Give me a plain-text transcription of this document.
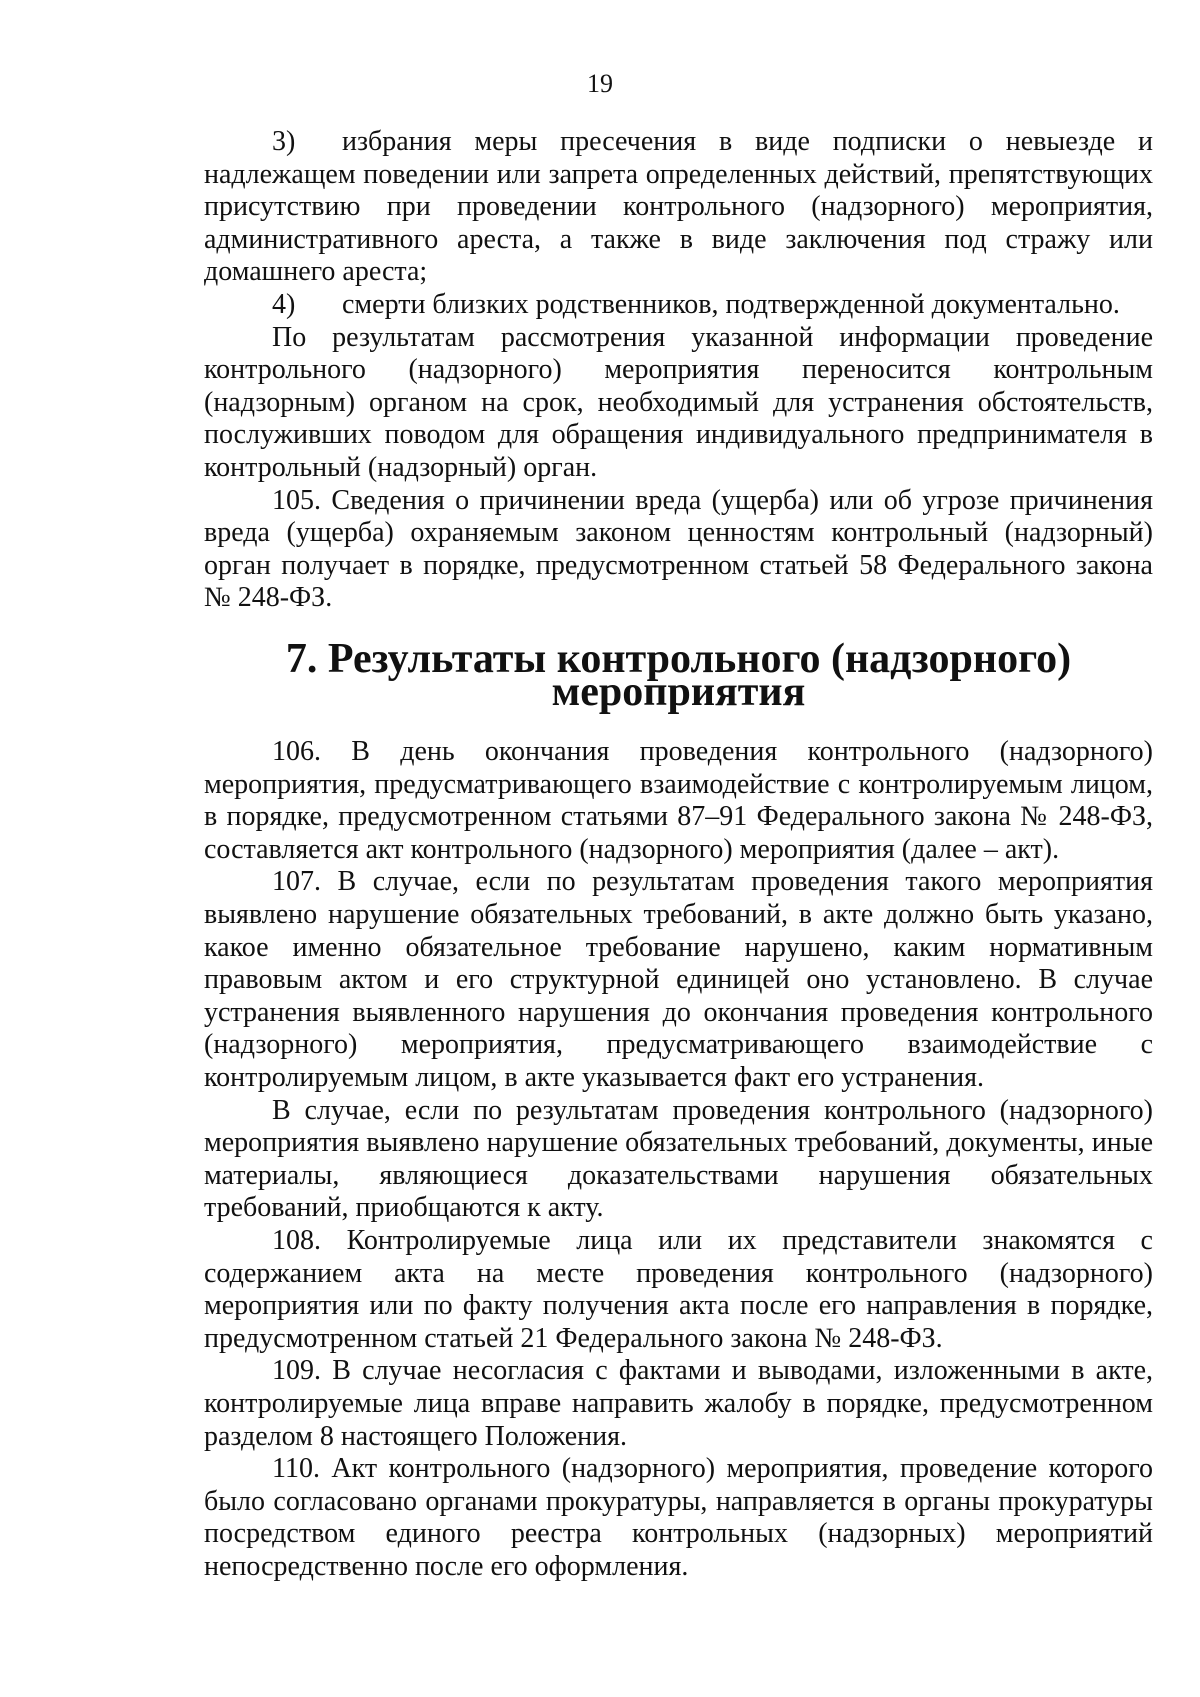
19

3) избрания меры пресечения в виде подписки о невыезде и надлежащем поведении или запрета определенных действий, препятствующих присутствию при проведении контрольного (надзорного) мероприятия, административного ареста, а также в виде заключения под стражу или домашнего ареста;

4) смерти близких родственников, подтвержденной документально.

По результатам рассмотрения указанной информации проведение контрольного (надзорного) мероприятия переносится контрольным (надзорным) органом на срок, необходимый для устранения обстоятельств, послуживших поводом для обращения индивидуального предпринимателя в контрольный (надзорный) орган.

105. Сведения о причинении вреда (ущерба) или об угрозе причинения вреда (ущерба) охраняемым законом ценностям контрольный (надзорный) орган получает в порядке, предусмотренном статьей 58 Федерального закона № 248-ФЗ.

7. Результаты контрольного (надзорного) мероприятия

106. В день окончания проведения контрольного (надзорного) мероприятия, предусматривающего взаимодействие с контролируемым лицом, в порядке, предусмотренном статьями 87–91 Федерального закона № 248-ФЗ, составляется акт контрольного (надзорного) мероприятия (далее – акт).

107. В случае, если по результатам проведения такого мероприятия выявлено нарушение обязательных требований, в акте должно быть указано, какое именно обязательное требование нарушено, каким нормативным правовым актом и его структурной единицей оно установлено. В случае устранения выявленного нарушения до окончания проведения контрольного (надзорного) мероприятия, предусматривающего взаимодействие с контролируемым лицом, в акте указывается факт его устранения.

В случае, если по результатам проведения контрольного (надзорного) мероприятия выявлено нарушение обязательных требований, документы, иные материалы, являющиеся доказательствами нарушения обязательных требований, приобщаются к акту.

108. Контролируемые лица или их представители знакомятся с содержанием акта на месте проведения контрольного (надзорного) мероприятия или по факту получения акта после его направления в порядке, предусмотренном статьей 21 Федерального закона № 248-ФЗ.

109. В случае несогласия с фактами и выводами, изложенными в акте, контролируемые лица вправе направить жалобу в порядке, предусмотренном разделом 8 настоящего Положения.

110. Акт контрольного (надзорного) мероприятия, проведение которого было согласовано органами прокуратуры, направляется в органы прокуратуры посредством единого реестра контрольных (надзорных) мероприятий непосредственно после его оформления.
